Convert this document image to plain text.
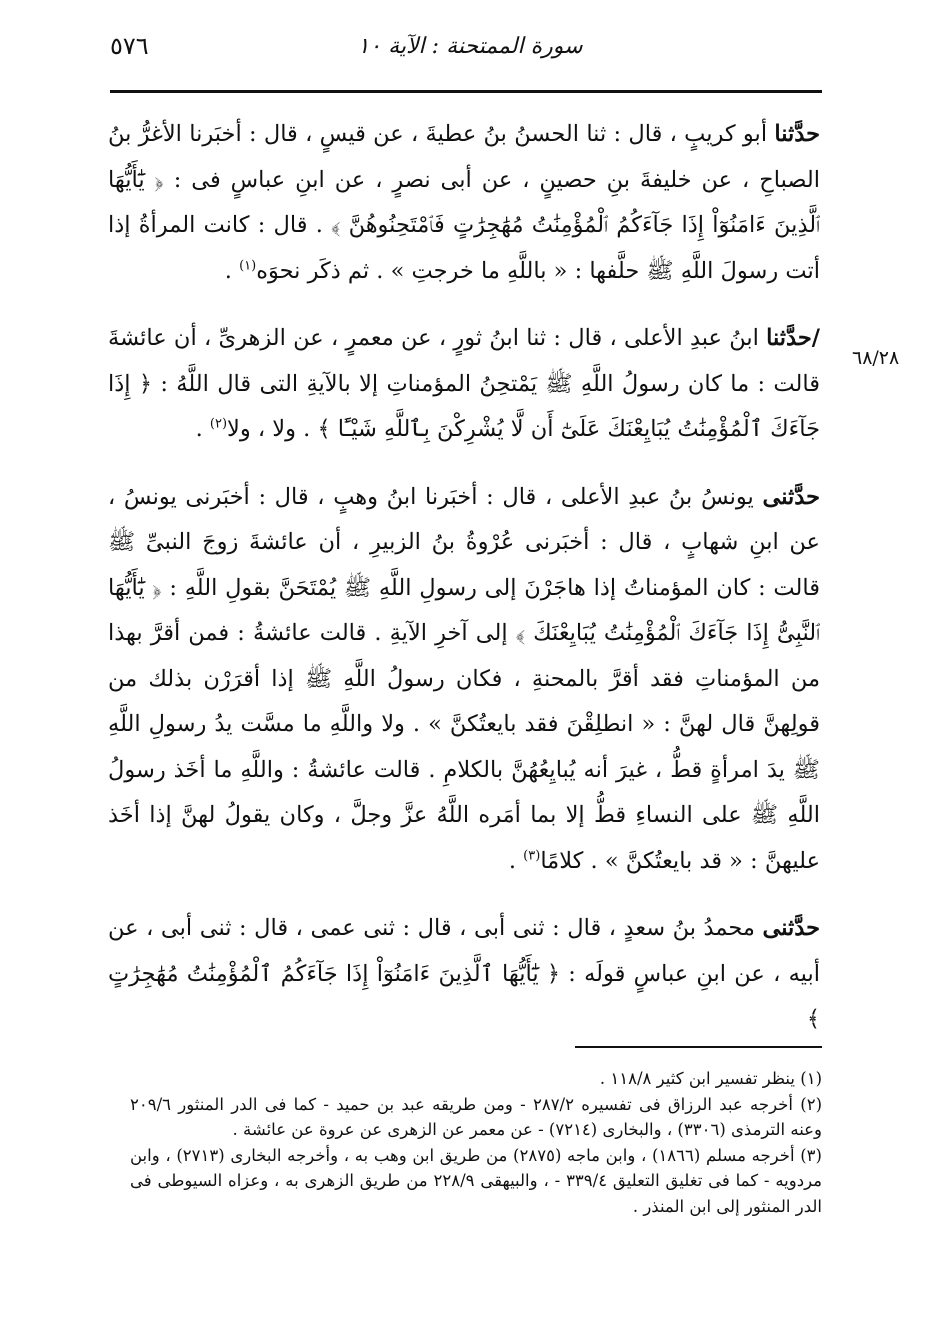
٥٧٦	سورة الممتحنة : الآية ١٠
٦٨/٢٨

حدَّثنا أبو كريبٍ ، قال : ثنا الحسنُ بنُ عطيةَ ، عن قيسٍ ، قال : أخبَرنا الأغرُّ بنُ الصباحِ ، عن خليفةَ بنِ حصينٍ ، عن أبى نصرٍ ، عن ابنِ عباسٍ فى : ﴿ يَٰٓأَيُّهَا ٱلَّذِينَ ءَامَنُوٓاْ إِذَا جَآءَكُمُ ٱلْمُؤْمِنَٰتُ مُهَٰجِرَٰتٍ فَٱمْتَحِنُوهُنَّ ﴾ . قال : كانت المرأةُ إذا أتت رسولَ اللَّهِ ﷺ حلَّفها : « باللَّهِ ما خرجتِ » . ثم ذكَر نحوَه$^{(١)}$ .

/حدَّثنا ابنُ عبدِ الأعلى ، قال : ثنا ابنُ ثورٍ ، عن معمرٍ ، عن الزهرىِّ ، أن عائشةَ قالت : ما كان رسولُ اللَّهِ ﷺ يَمْتحِنُ المؤمناتِ إلا بالآيةِ التى قال اللَّهُ : ﴿ إِذَا جَآءَكَ ٱلْمُؤْمِنَٰتُ يُبَايِعْنَكَ عَلَىٰٓ أَن لَّا يُشْرِكْنَ بِٱللَّهِ شَيْـًٔا ﴾ . ولا ، ولا$^{(٢)}$ .

حدَّثنى يونسُ بنُ عبدِ الأعلى ، قال : أخبَرنا ابنُ وهبٍ ، قال : أخبَرنى يونسُ ، عن ابنِ شهابٍ ، قال : أخبَرنى عُرْوةُ بنُ الزبيرِ ، أن عائشةَ زوجَ النبىِّ ﷺ قالت : كان المؤمناتُ إذا هاجَرْنَ إلى رسولِ اللَّهِ ﷺ يُمْتَحَنَّ بقولِ اللَّهِ : ﴿ يَٰٓأَيُّهَا ٱلنَّبِىُّ إِذَا جَآءَكَ ٱلْمُؤْمِنَٰتُ يُبَايِعْنَكَ ﴾ إلى آخرِ الآيةِ . قالت عائشةُ : فمن أقرَّ بهذا من المؤمناتِ فقد أقرَّ بالمحنةِ ، فكان رسولُ اللَّهِ ﷺ إذا أقرَرْن بذلك من قولِهنَّ قال لهنَّ : « انطلِقْنَ فقد بايعتُكنَّ » . ولا واللَّهِ ما مسَّت يدُ رسولِ اللَّهِ ﷺ يدَ امرأةٍ قطُّ ، غيرَ أنه يُبايِعُهُنَّ بالكلامِ . قالت عائشةُ : واللَّهِ ما أخَذ رسولُ اللَّهِ ﷺ على النساءِ قطُّ إلا بما أمَره اللَّهُ عزَّ وجلَّ ، وكان يقولُ لهنَّ إذا أخَذ عليهنَّ : « قد بايعتُكنَّ » . كلامًا$^{(٣)}$ .

حدَّثنى محمدُ بنُ سعدٍ ، قال : ثنى أبى ، قال : ثنى عمى ، قال : ثنى أبى ، عن أبيه ، عن ابنِ عباسٍ قولَه : ﴿ يَٰٓأَيُّهَا ٱلَّذِينَ ءَامَنُوٓاْ إِذَا جَآءَكُمُ ٱلْمُؤْمِنَٰتُ مُهَٰجِرَٰتٍ ﴾

(١) ينظر تفسير ابن كثير ١١٨/٨ .

(٢) أخرجه عبد الرزاق فى تفسيره ٢٨٧/٢ - ومن طريقه عبد بن حميد - كما فى الدر المنثور ٢٠٩/٦ وعنه الترمذى (٣٣٠٦) ، والبخارى (٧٢١٤) - عن معمر عن الزهرى عن عروة عن عائشة .

(٣) أخرجه مسلم (١٨٦٦) ، وابن ماجه (٢٨٧٥) من طريق ابن وهب به ، وأخرجه البخارى (٢٧١٣) ، وابن مردويه - كما فى تغليق التعليق ٣٣٩/٤ - ، والبيهقى ٢٢٨/٩ من طريق الزهرى به ، وعزاه السيوطى فى الدر المنثور إلى ابن المنذر .
